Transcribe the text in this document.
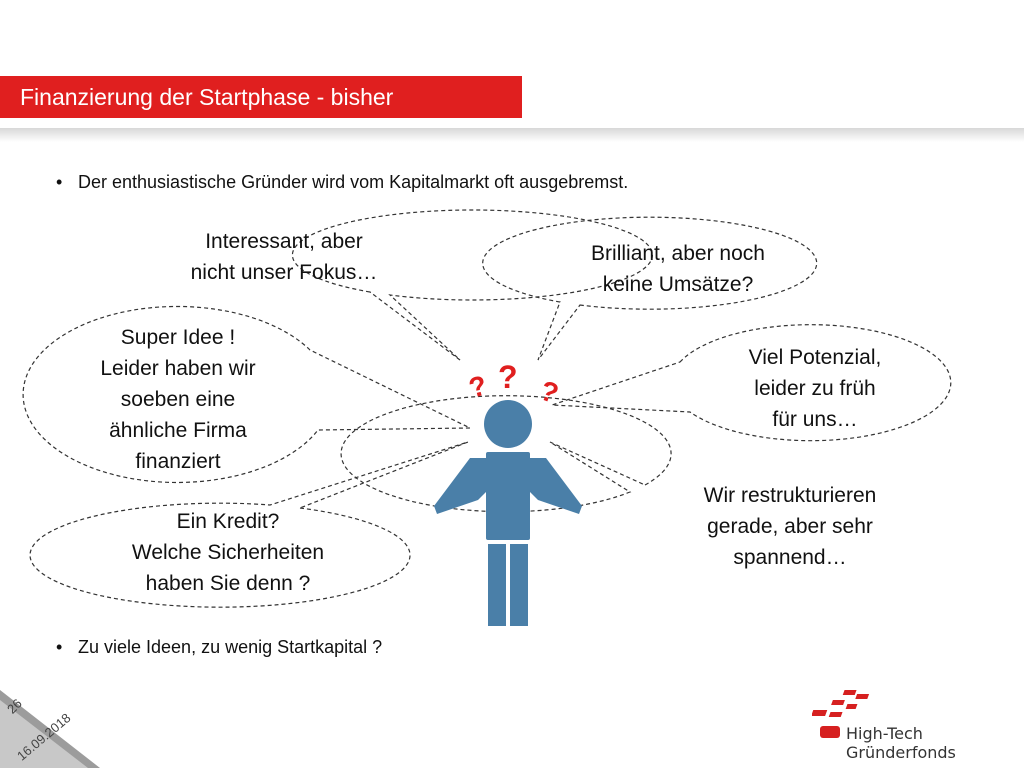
Finanzierung der Startphase - bisher
• Der enthusiastische Gründer wird vom Kapitalmarkt oft ausgebremst.
? ? ?
Interessant, aber
nicht unser Fokus…
Brilliant, aber noch
keine Umsätze?
Super Idee !
Leider haben wir
soeben eine
ähnliche Firma
finanziert
Viel Potenzial,
leider zu früh
für uns…
Ein Kredit?
Welche Sicherheiten
haben Sie denn ?
Wir restrukturieren
gerade, aber sehr
spannend…
• Zu viele Ideen, zu wenig Startkapital ?
26
16.09.2018	High-Tech Gründerfonds
